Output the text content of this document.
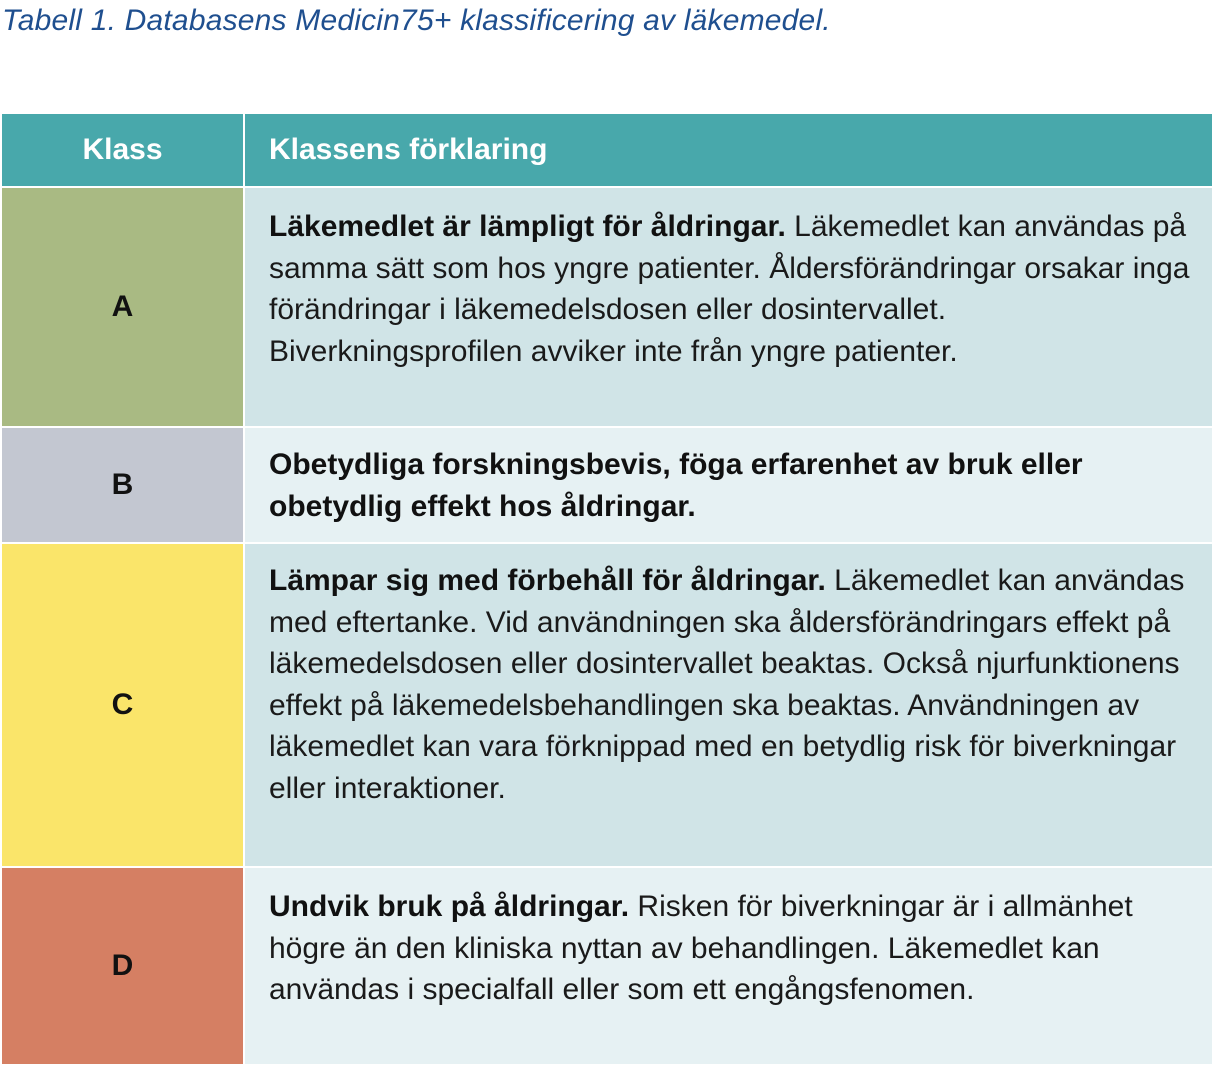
Tabell 1. Databasens Medicin75+ klassificering av läkemedel.
Klass	Klassens förklaring
A	Läkemedlet är lämpligt för åldringar. Läkemedlet kan användas på samma sätt som hos yngre patienter. Åldersförändringar orsakar inga förändringar i läkemedelsdosen eller dosintervallet. Biverkningsprofilen avviker inte från yngre patienter.
B	Obetydliga forskningsbevis, föga erfarenhet av bruk eller obetydlig effekt hos åldringar.
C	Lämpar sig med förbehåll för åldringar. Läkemedlet kan användas med eftertanke. Vid användningen ska åldersförändringars effekt på läkemedelsdosen eller dosintervallet beaktas. Också njurfunktionens effekt på läkemedelsbehandlingen ska beaktas. Användningen av läkemedlet kan vara förknippad med en betydlig risk för biverkningar eller interaktioner.
D	Undvik bruk på åldringar. Risken för biverkningar är i allmänhet högre än den kliniska nyttan av behandlingen. Läkemedlet kan användas i specialfall eller som ett engångsfenomen.
